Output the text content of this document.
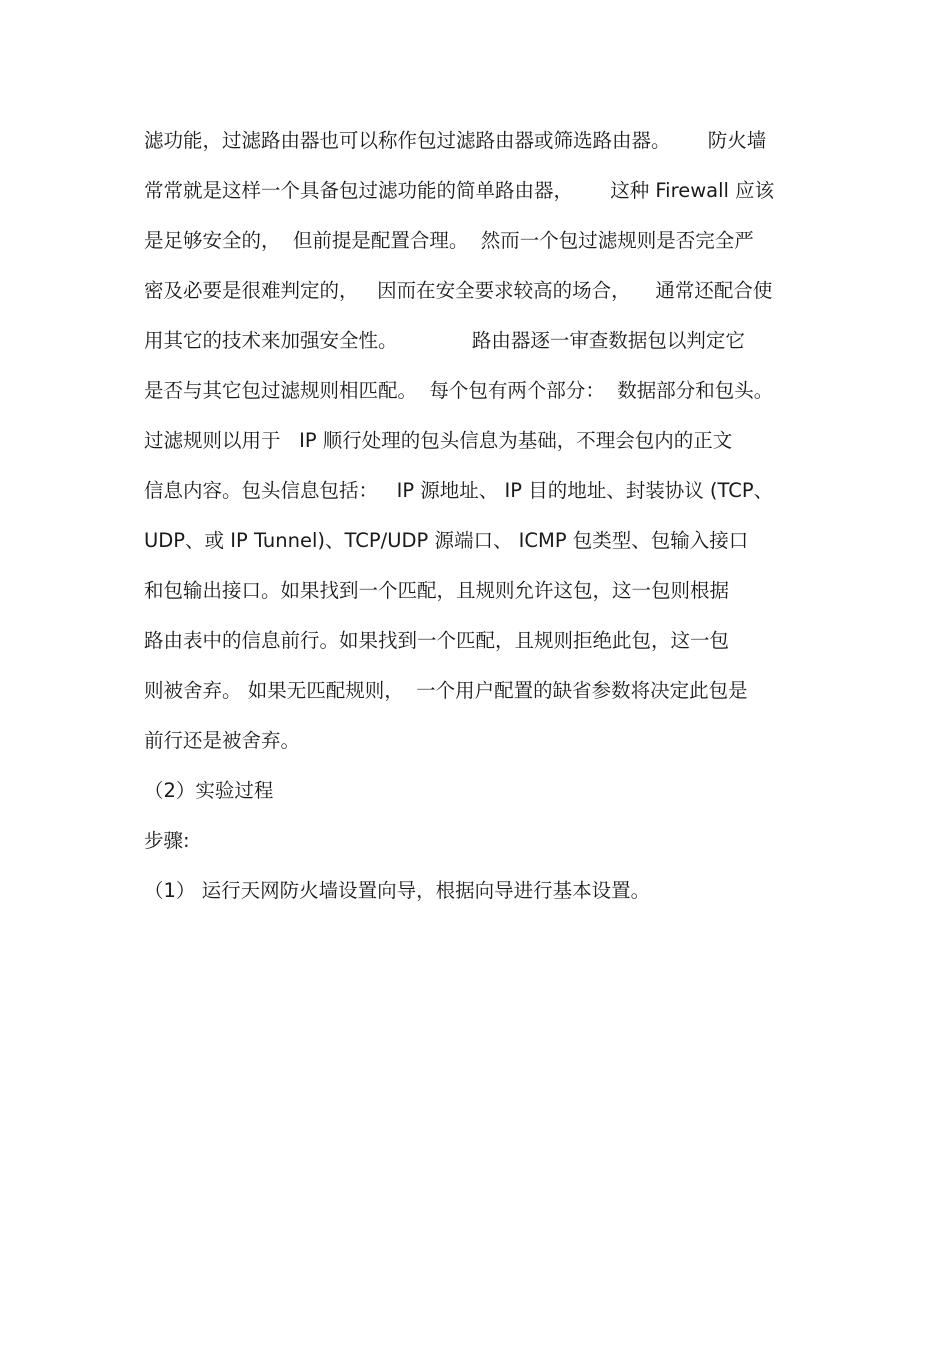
滤功能，过滤路由器也可以称作包过滤路由器或筛选路由器。      防火墙
常常就是这样一个具备包过滤功能的简单路由器，      这种 Firewall 应该
是足够安全的，  但前提是配置合理。  然而一个包过滤规则是否完全严
密及必要是很难判定的，   因而在安全要求较高的场合，    通常还配合使
用其它的技术来加强安全性。            路由器逐一审查数据包以判定它
是否与其它包过滤规则相匹配。  每个包有两个部分：  数据部分和包头。
过滤规则以用于   IP 顺行处理的包头信息为基础，不理会包内的正文
信息内容。包头信息包括：   IP 源地址、 IP 目的地址、封装协议 (TCP、
UDP、或 IP Tunnel)、TCP/UDP 源端口、 ICMP 包类型、包输入接口
和包输出接口。如果找到一个匹配，且规则允许这包，这一包则根据
路由表中的信息前行。如果找到一个匹配，且规则拒绝此包，这一包
则被舍弃。 如果无匹配规则，  一个用户配置的缺省参数将决定此包是
前行还是被舍弃。
（2）实验过程
步骤:
（1） 运行天网防火墙设置向导，根据向导进行基本设置。
